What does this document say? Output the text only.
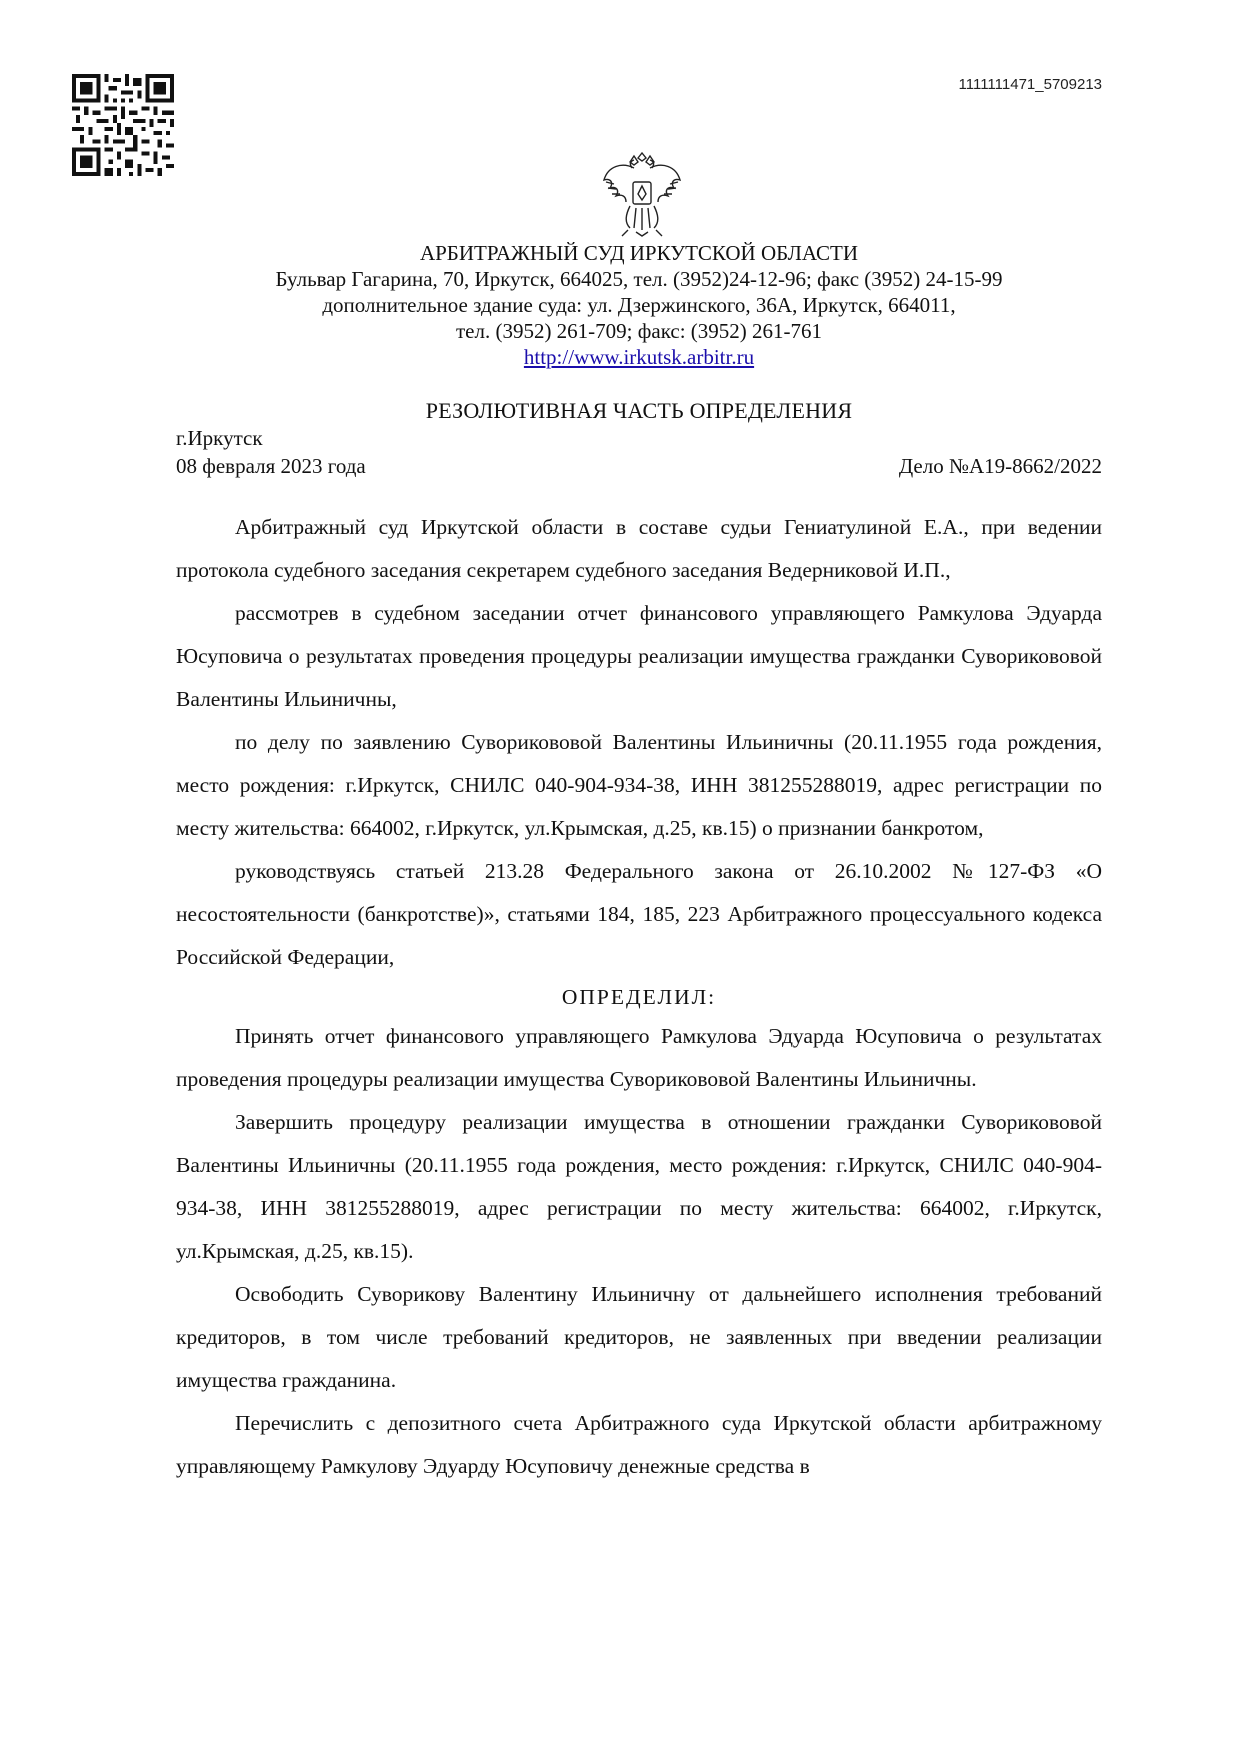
1111111471_5709213
АРБИТРАЖНЫЙ СУД ИРКУТСКОЙ ОБЛАСТИ
Бульвар Гагарина, 70, Иркутск, 664025, тел. (3952)24-12-96; факс (3952) 24-15-99
дополнительное здание суда: ул. Дзержинского, 36А, Иркутск, 664011,
тел. (3952) 261-709; факс: (3952) 261-761
http://www.irkutsk.arbitr.ru
РЕЗОЛЮТИВНАЯ ЧАСТЬ ОПРЕДЕЛЕНИЯ
г.Иркутск
08 февраля 2023 года	Дело №А19-8662/2022

Арбитражный суд Иркутской области в составе судьи Гениатулиной Е.А., при ведении протокола судебного заседания секретарем судебного заседания Ведерниковой И.П.,

рассмотрев в судебном заседании отчет финансового управляющего Рамкулова Эдуарда Юсуповича о результатах проведения процедуры реализации имущества гражданки Суворикововой Валентины Ильиничны,

по делу по заявлению Суворикововой Валентины Ильиничны (20.11.1955 года рождения, место рождения: г.Иркутск, СНИЛС 040-904-934-38, ИНН 381255288019, адрес регистрации по месту жительства: 664002, г.Иркутск, ул.Крымская, д.25, кв.15) о признании банкротом,

руководствуясь статьей 213.28 Федерального закона от 26.10.2002 №127-ФЗ «О несостоятельности (банкротстве)», статьями 184, 185, 223 Арбитражного процессуального кодекса Российской Федерации,

ОПРЕДЕЛИЛ:

Принять отчет финансового управляющего Рамкулова Эдуарда Юсуповича о результатах проведения процедуры реализации имущества Суворикововой Валентины Ильиничны.

Завершить процедуру реализации имущества в отношении гражданки Суворикововой Валентины Ильиничны (20.11.1955 года рождения, место рождения: г.Иркутск, СНИЛС 040-904-934-38, ИНН 381255288019, адрес регистрации по месту жительства: 664002, г.Иркутск, ул.Крымская, д.25, кв.15).

Освободить Суворикову Валентину Ильиничну от дальнейшего исполнения требований кредиторов, в том числе требований кредиторов, не заявленных при введении реализации имущества гражданина.

Перечислить с депозитного счета Арбитражного суда Иркутской области арбитражному управляющему Рамкулову Эдуарду Юсуповичу денежные средства в
